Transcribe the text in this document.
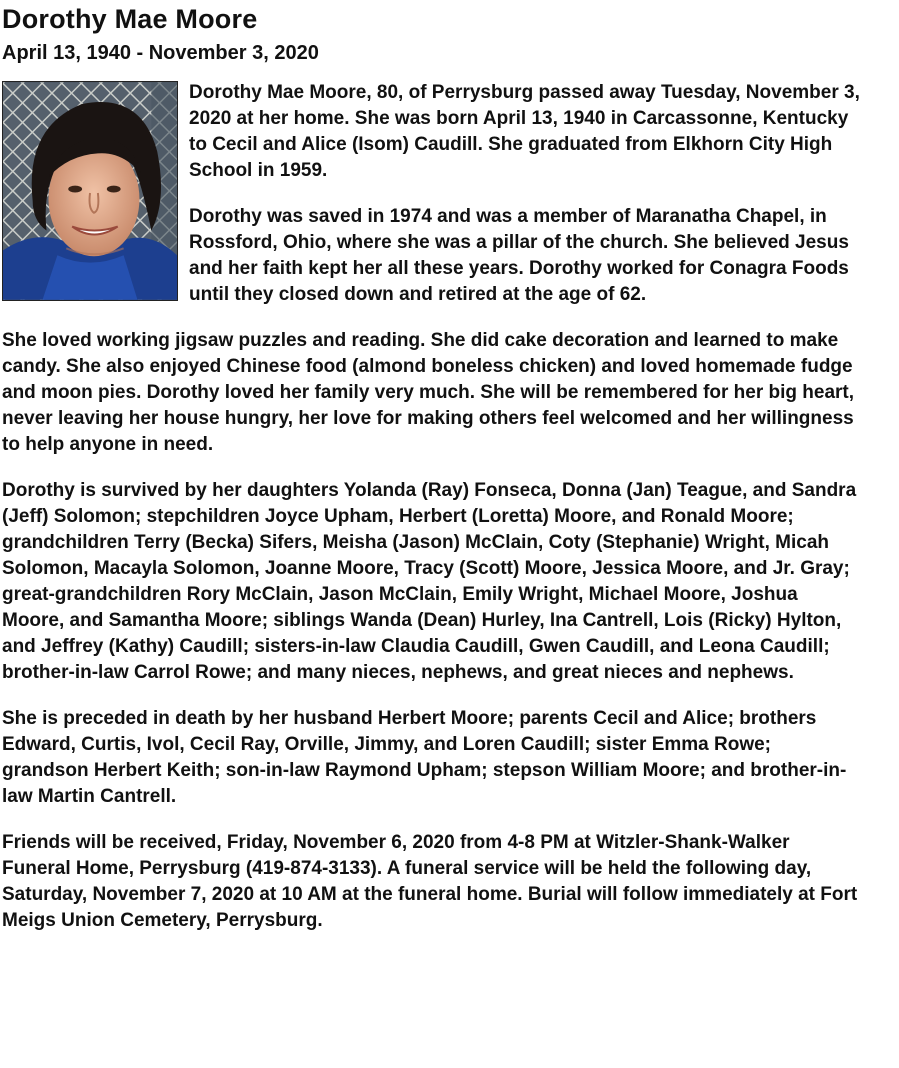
Dorothy Mae Moore
April 13, 1940 - November 3, 2020

Dorothy Mae Moore, 80, of Perrysburg passed away Tuesday, November 3, 2020 at her home. She was born April 13, 1940 in Carcassonne, Kentucky to Cecil and Alice (Isom) Caudill. She graduated from Elkhorn City High School in 1959.

Dorothy was saved in 1974 and was a member of Maranatha Chapel, in Rossford, Ohio, where she was a pillar of the church. She believed Jesus and her faith kept her all these years. Dorothy worked for Conagra Foods until they closed down and retired at the age of 62.

She loved working jigsaw puzzles and reading. She did cake decoration and learned to make candy. She also enjoyed Chinese food (almond boneless chicken) and loved homemade fudge and moon pies. Dorothy loved her family very much. She will be remembered for her big heart, never leaving her house hungry, her love for making others feel welcomed and her willingness to help anyone in need.

Dorothy is survived by her daughters Yolanda (Ray) Fonseca, Donna (Jan) Teague, and Sandra (Jeff) Solomon; stepchildren Joyce Upham, Herbert (Loretta) Moore, and Ronald Moore; grandchildren Terry (Becka) Sifers, Meisha (Jason) McClain, Coty (Stephanie) Wright, Micah Solomon, Macayla Solomon, Joanne Moore, Tracy (Scott) Moore, Jessica Moore, and Jr. Gray; great-grandchildren Rory McClain, Jason McClain, Emily Wright, Michael Moore, Joshua Moore, and Samantha Moore; siblings Wanda (Dean) Hurley, Ina Cantrell, Lois (Ricky) Hylton, and Jeffrey (Kathy) Caudill; sisters-in-law Claudia Caudill, Gwen Caudill, and Leona Caudill; brother-in-law Carrol Rowe; and many nieces, nephews, and great nieces and nephews.

She is preceded in death by her husband Herbert Moore; parents Cecil and Alice; brothers Edward, Curtis, Ivol, Cecil Ray, Orville, Jimmy, and Loren Caudill; sister Emma Rowe; grandson Herbert Keith; son-in-law Raymond Upham; stepson William Moore; and brother-in-law Martin Cantrell.

Friends will be received, Friday, November 6, 2020 from 4-8 PM at Witzler-Shank-Walker Funeral Home, Perrysburg (419-874-3133). A funeral service will be held the following day, Saturday, November 7, 2020 at 10 AM at the funeral home. Burial will follow immediately at Fort Meigs Union Cemetery, Perrysburg.
